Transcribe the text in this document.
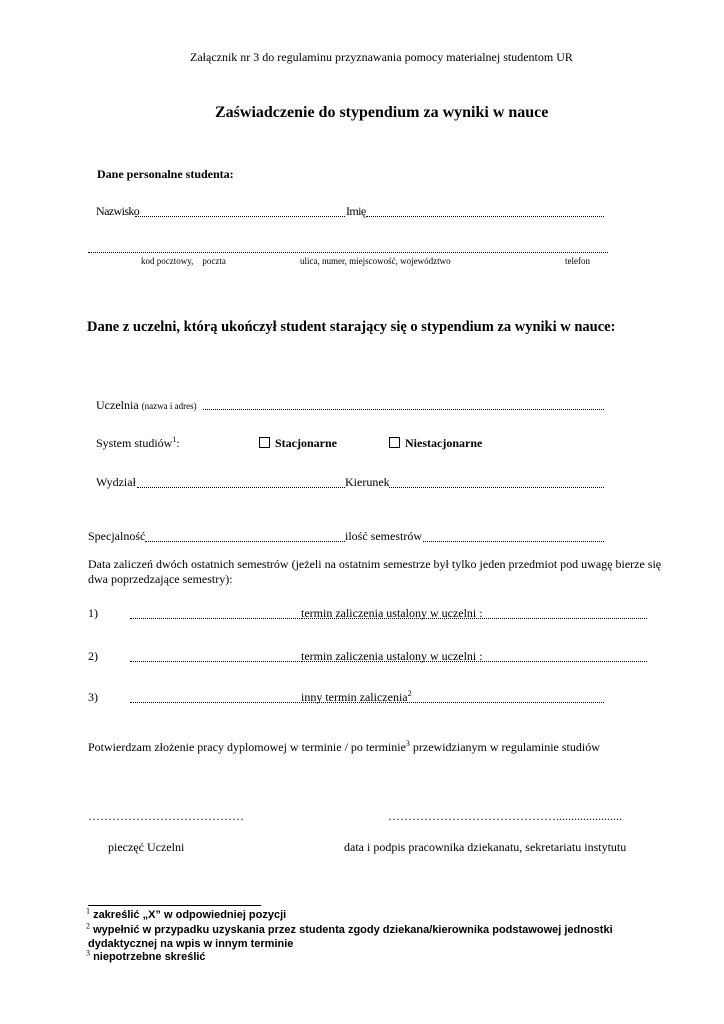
Załącznik nr 3 do regulaminu przyznawania pomocy materialnej studentom UR
Zaświadczenie do stypendium za wyniki w nauce
Dane personalne studenta:
Nazwisko	Imię
kod pocztowy,    poczta	ulica, numer, miejscowość, województwo	telefon
Dane z uczelni, którą ukończył student starający się o stypendium za wyniki w nauce:
Uczelnia (nazwa i adres)
System studiów$^1$:	Stacjonarne	Niestacjonarne
Wydział	Kierunek
Specjalność	ilość semestrów
Data zaliczeń dwóch ostatnich semestrów (jeżeli na ostatnim semestrze był tylko jeden przedmiot pod uwagę bierze się
dwa poprzedzające semestry):
1)	termin zaliczenia ustalony w uczelni :
2)	termin zaliczenia ustalony w uczelni :
3)	inny termin zaliczenia$^2$
Potwierdzam złożenie pracy dyplomowej w terminie / po terminie$^3$ przewidzianym w regulaminie studiów
…………………………………	……………………………………......................
pieczęć Uczelni	data i podpis pracownika dziekanatu, sekretariatu instytutu
$^1$ zakreślić „X” w odpowiedniej pozycji
$^2$ wypełnić w przypadku uzyskania przez studenta zgody dziekana/kierownika podstawowej jednostki
dydaktycznej na wpis w innym terminie
$^3$ niepotrzebne skreślić
